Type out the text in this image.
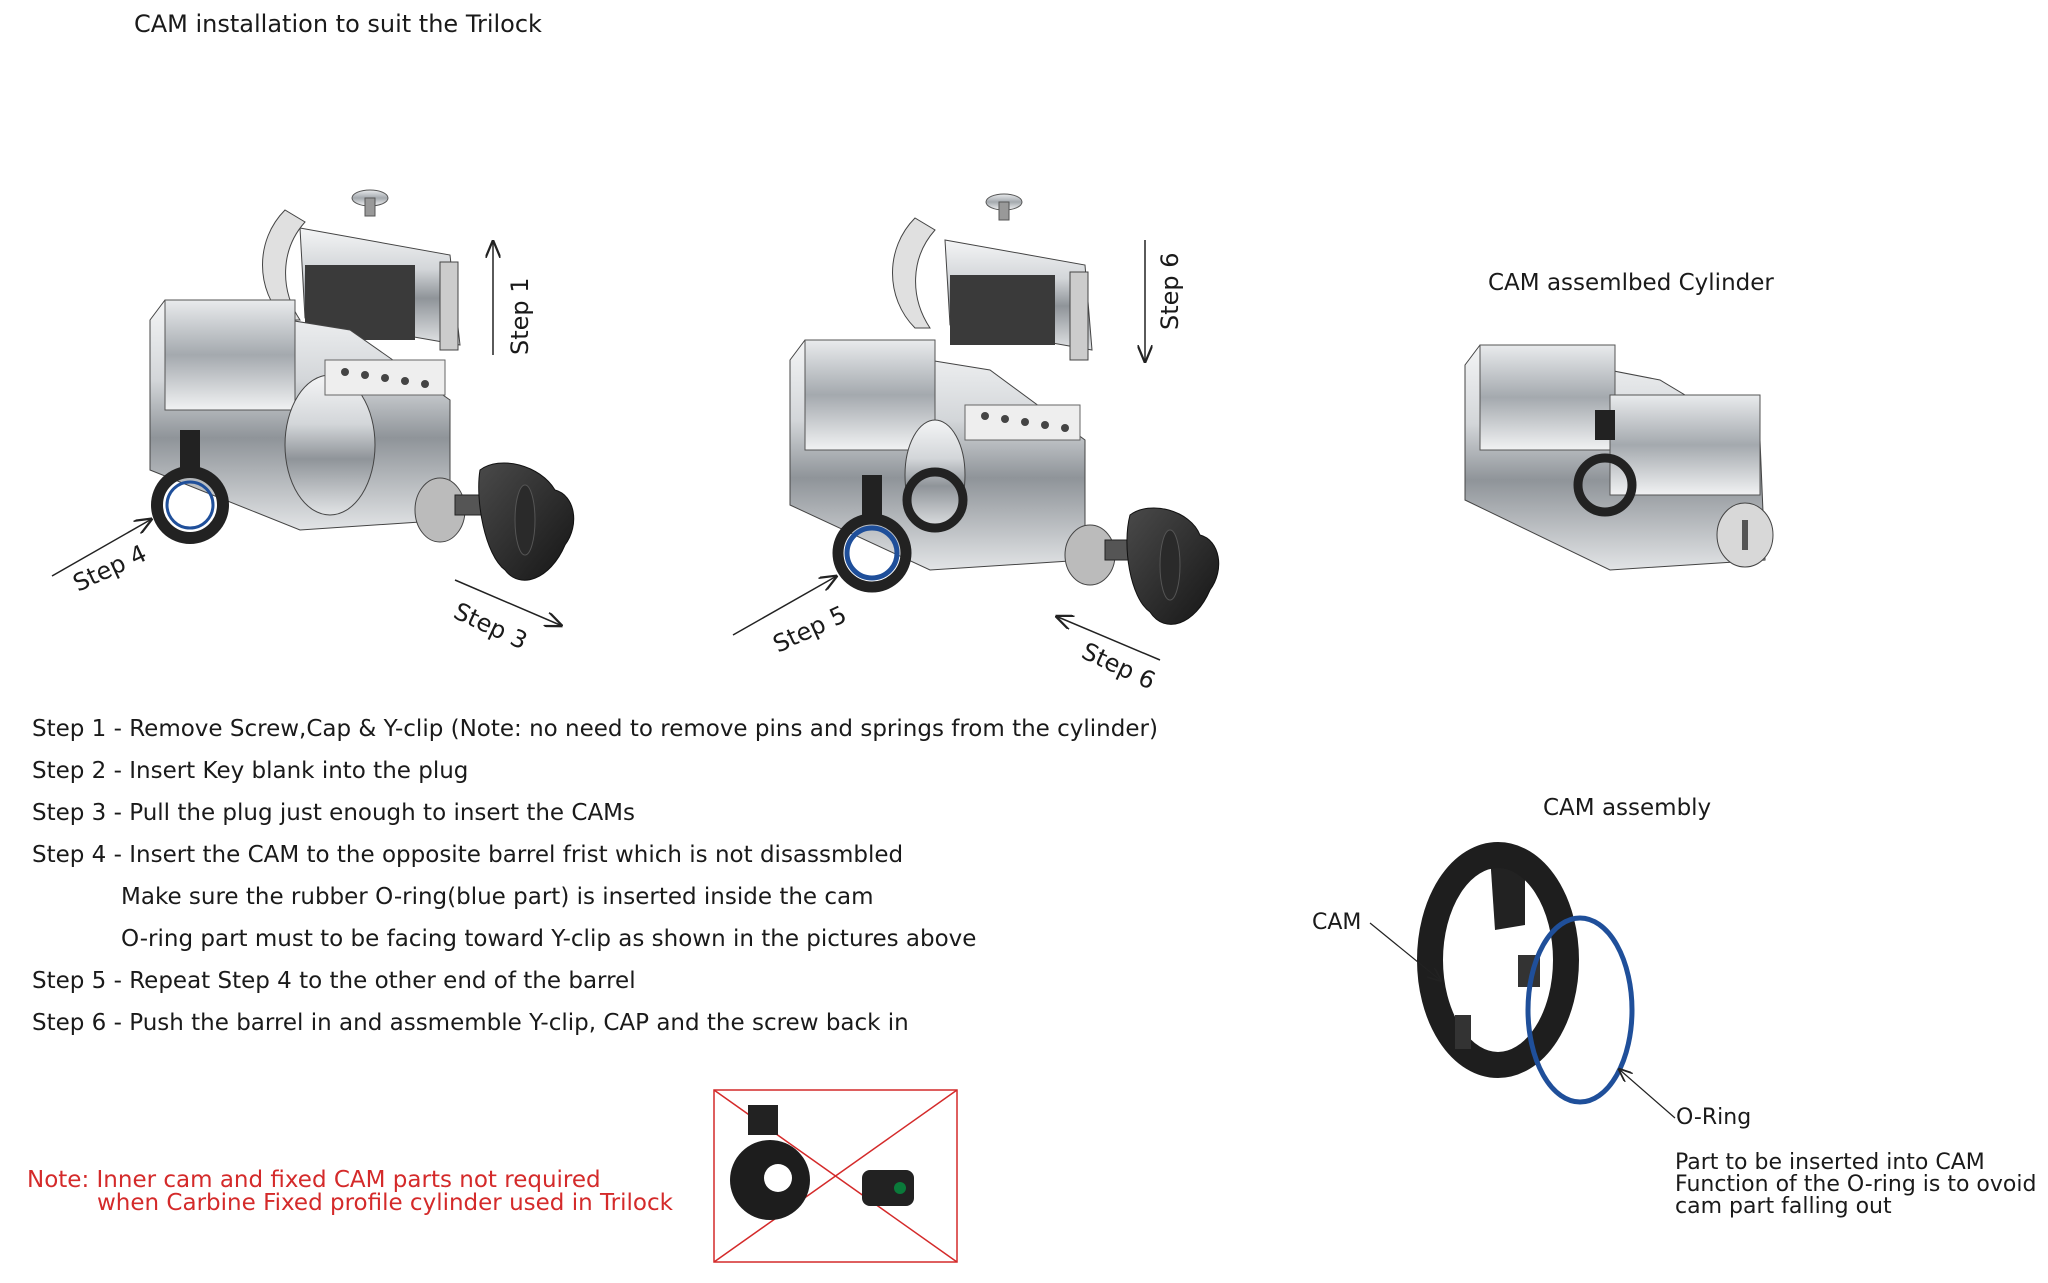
CAM installation to suit the Trilock
Step 1
Step 4
Step 3
Step 6
Step 5
Step 6
CAM assemlbed Cylinder
CAM assembly
CAM
O-Ring
Step 1 - Remove Screw,Cap & Y-clip (Note: no need to remove pins and springs from the cylinder)
Step 2 - Insert Key blank into the plug
Step 3 - Pull the plug just enough to insert the CAMs
Step 4 - Insert the CAM to the opposite barrel frist which is not disassmbled
Make sure the rubber O-ring(blue part) is inserted inside the cam
O-ring part must to be facing toward Y-clip as shown in the pictures above
Step 5 - Repeat Step 4 to the other end of the barrel
Step 6 - Push the barrel in and assmemble Y-clip, CAP and the screw back in
Note: Inner cam and fixed CAM parts not required
when Carbine Fixed profile cylinder used in Trilock
Part to be inserted into CAM
Function of the O-ring is to ovoid
cam part falling out
